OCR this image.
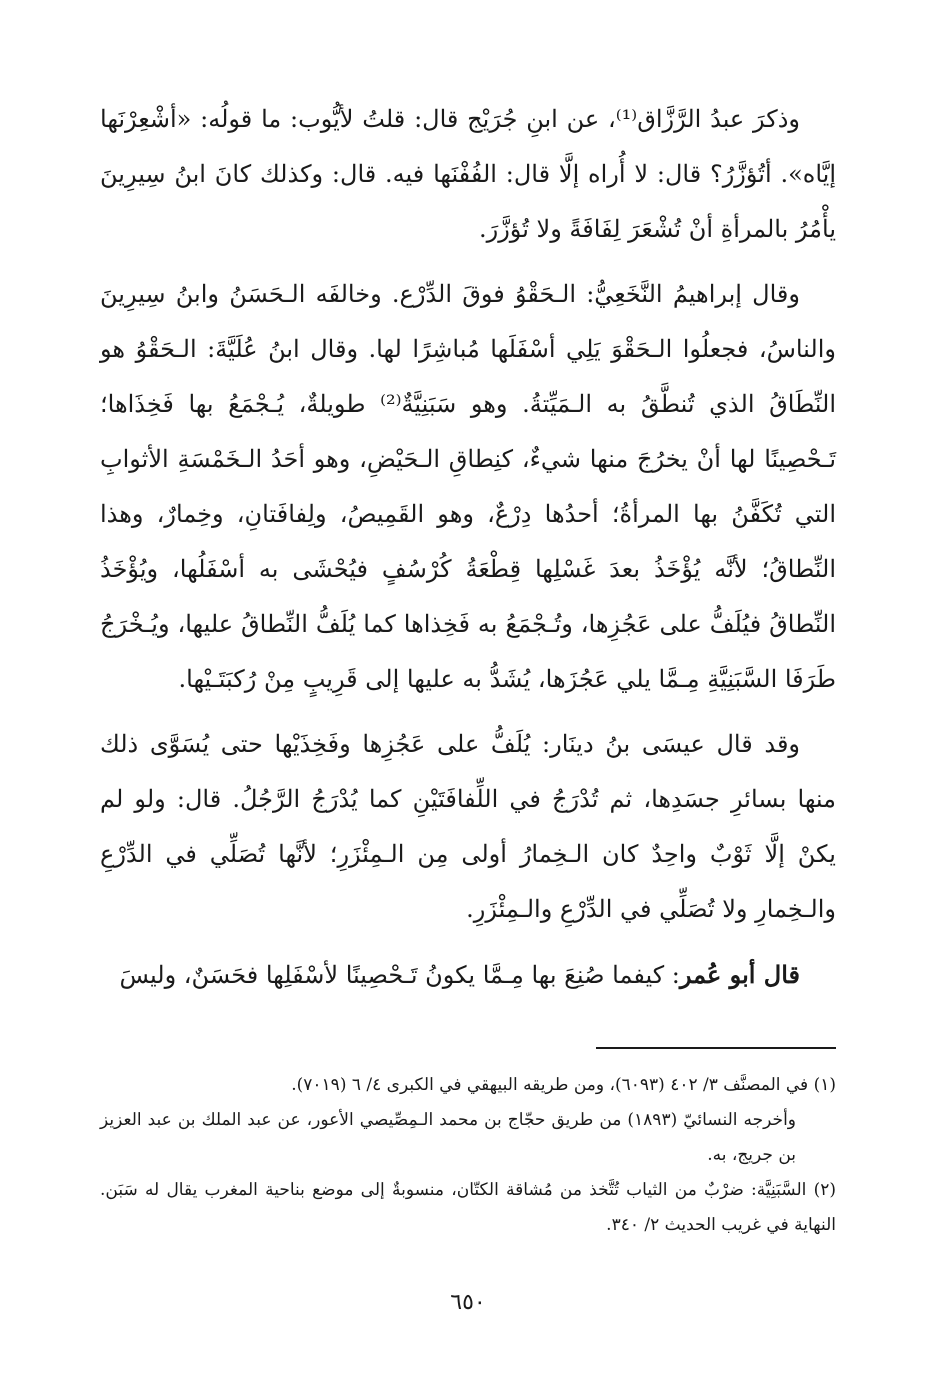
وذكرَ عبدُ الرَّزَّاق⁽¹⁾، عن ابنِ جُرَيْج قال: قلتُ لأيُّوب: ما قولُه: «أشْعِرْنَها إيَّاه». أتُؤزَّرُ؟ قال: لا أُراه إلَّا قال: الفُفْنَها فيه. قال: وكذلك كانَ ابنُ سِيرِينَ يأْمُرُ بالمرأةِ أنْ تُشْعَرَ لِفَافَةً ولا تُؤزَّرَ.

وقال إبراهيمُ النَّخَعِيُّ: الـحَقْوُ فوقَ الدِّرْع. وخالفَه الـحَسَنُ وابنُ سِيرِينَ والناسُ، فجعلُوا الـحَقْوَ يَلِي أسْفَلَها مُباشِرًا لها. وقال ابنُ عُلَيَّةَ: الـحَقْوُ هو النِّطَاقُ الذي تُنطَّقُ به الـمَيِّتةُ. وهو سَبَنِيَّةٌ⁽²⁾ طويلةٌ، يُـجْمَعُ بها فَخِذَاها؛ تَـحْصِينًا لها أنْ يخرُجَ منها شيءٌ، كنِطاقِ الـحَيْضِ، وهو أحَدُ الـخَمْسَةِ الأثوابِ التي تُكَفَّنُ بها المرأةُ؛ أحدُها دِرْعٌ، وهو القَمِيصُ، ولِفافَتانِ، وخِمارٌ، وهذا النِّطاقُ؛ لأنَّه يُؤْخَذُ بعدَ غَسْلِها قِطْعَةُ كُرْسُفٍ فيُحْشَى به أسْفَلُها، ويُؤْخَذُ النِّطاقُ فيُلَفُّ على عَجُزِها، وتُـجْمَعُ به فَخِذاها كما يُلَفُّ النِّطاقُ عليها، ويُـخْرَجُ طَرَفَا السَّبَنِيَّةِ مِـمَّا يلي عَجُزَها، يُشَدُّ به عليها إلى قَرِيبٍ مِنْ رُكبَتَـيْها.

وقد قال عيسَى بنُ دينَار: يُلَفُّ على عَجُزِها وفَخِذَيْها حتى يُسَوَّى ذلك منها بسائرِ جسَدِها، ثم تُدْرَجُ في اللِّفافَتَيْنِ كما يُدْرَجُ الرَّجُلُ. قال: ولو لم يكنْ إلَّا ثَوْبٌ واحِدٌ كان الـخِمارُ أولى مِن الـمِئْزَرِ؛ لأنَّها تُصَلِّي في الدِّرْعِ والـخِمارِ ولا تُصَلِّي في الدِّرْعِ والـمِئْزَرِ.

قال أبو عُمر: كيفما صُنِعَ بها مِـمَّا يكونُ تَـحْصِينًا لأسْفَلِها فحَسَنٌ، وليسَ

(١) في المصنَّف ٣/ ٤٠٢ (٦٠٩٣)، ومن طريقه البيهقي في الكبرى ٤/ ٦ (٧٠١٩).

وأخرجه النسائيّ (١٨٩٣) من طريق حجّاج بن محمد الـمِصِّيصي الأعور، عن عبد الملك بن عبد العزيز بن جريج، به.

(٢) السَّبَنِيَّة: ضرْبٌ من الثياب تُتَّخذ من مُشاقة الكتّان، منسوبةٌ إلى موضع بناحية المغرب يقال له سَبَن. النهاية في غريب الحديث ٢/ ٣٤٠.

٦٥٠
